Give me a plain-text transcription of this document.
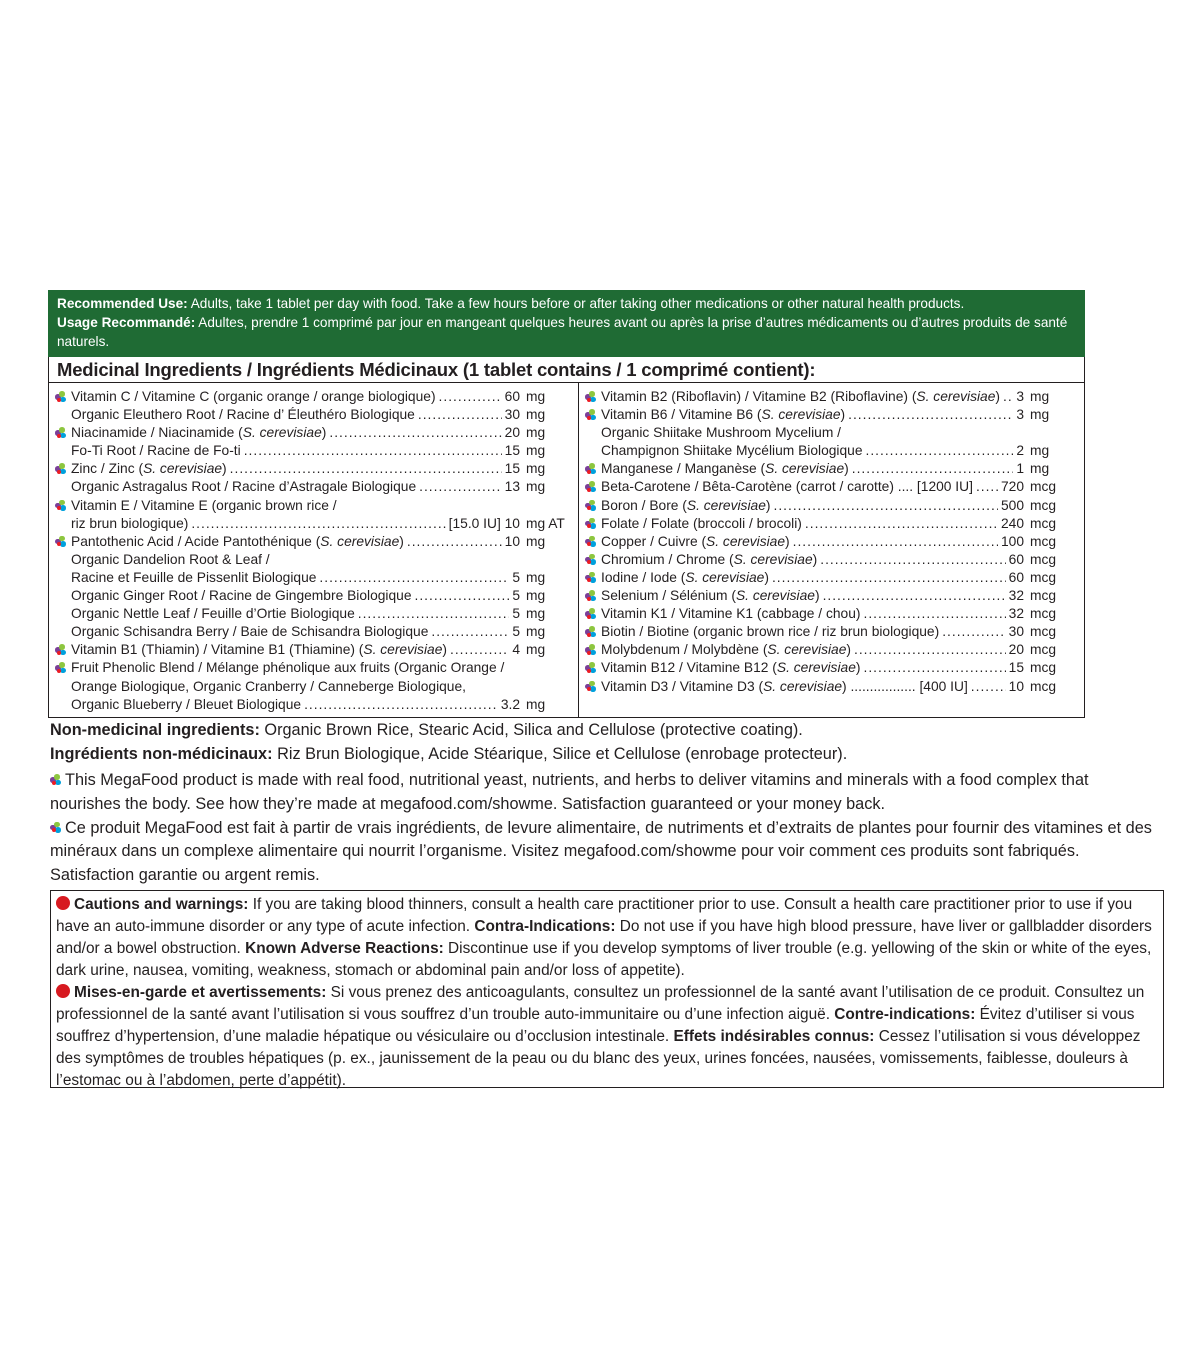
Recommended Use: Adults, take 1 tablet per day with food. Take a few hours before or after taking other medications or other natural health products.
Usage Recommandé: Adultes, prendre 1 comprimé par jour en mangeant quelques heures avant ou après la prise d’autres médicaments ou d’autres produits de santé naturels.
Medicinal Ingredients / Ingrédients Médicinaux (1 tablet contains / 1 comprimé contient):
Vitamin C / Vitamine C (organic orange / orange biologique) .....	60 mg
Organic Eleuthero Root / Racine d’ Éleuthéro Biologique .....	30 mg
Niacinamide / Niacinamide (S. cerevisiae) .....	20 mg
Fo-Ti Root / Racine de Fo-ti .....	15 mg
Zinc / Zinc (S. cerevisiae) .....	15 mg
Organic Astragalus Root / Racine d’Astragale Biologique .....	13 mg
Vitamin E / Vitamine E (organic brown rice /
riz brun biologique) .....	[15.0 IU] 10 mg AT
Pantothenic Acid / Acide Pantothénique (S. cerevisiae) .....	10 mg
Organic Dandelion Root & Leaf /
Racine et Feuille de Pissenlit Biologique .....	5 mg
Organic Ginger Root / Racine de Gingembre Biologique .....	5 mg
Organic Nettle Leaf / Feuille d’Ortie Biologique .....	5 mg
Organic Schisandra Berry / Baie de Schisandra Biologique .....	5 mg
Vitamin B1 (Thiamin) / Vitamine B1 (Thiamine) (S. cerevisiae) .....	4 mg
Fruit Phenolic Blend / Mélange phénolique aux fruits (Organic Orange /
Orange Biologique, Organic Cranberry / Canneberge Biologique,
Organic Blueberry / Bleuet Biologique .....	3.2 mg
Vitamin B2 (Riboflavin) / Vitamine B2 (Riboflavine) (S. cerevisiae) ..... 3 mg
Vitamin B6 / Vitamine B6 (S. cerevisiae) .....	3 mg
Organic Shiitake Mushroom Mycelium /
Champignon Shiitake Mycélium Biologique .....	2 mg
Manganese / Manganèse (S. cerevisiae) .....	1 mg
Beta-Carotene / Bêta-Carotène (carrot / carotte) .... [1200 IU] ..... 720 mcg
Boron / Bore (S. cerevisiae) .....	500 mcg
Folate / Folate (broccoli / brocoli) .....	240 mcg
Copper / Cuivre (S. cerevisiae) .....	100 mcg
Chromium / Chrome (S. cerevisiae) .....	60 mcg
Iodine / Iode (S. cerevisiae) .....	60 mcg
Selenium / Sélénium (S. cerevisiae) .....	32 mcg
Vitamin K1 / Vitamine K1 (cabbage / chou) .....	32 mcg
Biotin / Biotine (organic brown rice / riz brun biologique) .....	30 mcg
Molybdenum / Molybdène (S. cerevisiae) .....	20 mcg
Vitamin B12 / Vitamine B12 (S. cerevisiae) .....	15 mcg
Vitamin D3 / Vitamine D3 (S. cerevisiae) ................. [400 IU] .....	10 mcg
Non-medicinal ingredients: Organic Brown Rice, Stearic Acid, Silica and Cellulose (protective coating).
Ingrédients non-médicinaux: Riz Brun Biologique, Acide Stéarique, Silice et Cellulose (enrobage protecteur).
This MegaFood product is made with real food, nutritional yeast, nutrients, and herbs to deliver vitamins and minerals with a food complex that nourishes the body. See how they’re made at megafood.com/showme. Satisfaction guaranteed or your money back.
Ce produit MegaFood est fait à partir de vrais ingrédients, de levure alimentaire, de nutriments et d’extraits de plantes pour fournir des vitamines et des minéraux dans un complexe alimentaire qui nourrit l’organisme. Visitez megafood.com/showme pour voir comment ces produits sont fabriqués. Satisfaction garantie ou argent remis.
Cautions and warnings: If you are taking blood thinners, consult a health care practitioner prior to use. Consult a health care practitioner prior to use if you have an auto-immune disorder or any type of acute infection. Contra-Indications: Do not use if you have high blood pressure, have liver or gallbladder disorders and/or a bowel obstruction. Known Adverse Reactions: Discontinue use if you develop symptoms of liver trouble (e.g. yellowing of the skin or white of the eyes, dark urine, nausea, vomiting, weakness, stomach or abdominal pain and/or loss of appetite).
Mises-en-garde et avertissements: Si vous prenez des anticoagulants, consultez un professionnel de la santé avant l’utilisation de ce produit. Consultez un professionnel de la santé avant l’utilisation si vous souffrez d’un trouble auto-immunitaire ou d’une infection aiguë. Contre-indications: Évitez d’utiliser si vous souffrez d’hypertension, d’une maladie hépatique ou vésiculaire ou d’occlusion intestinale. Effets indésirables connus: Cessez l’utilisation si vous développez des symptômes de troubles hépatiques (p. ex., jaunissement de la peau ou du blanc des yeux, urines foncées, nausées, vomissements, faiblesse, douleurs à l’estomac ou à l’abdomen, perte d’appétit).
